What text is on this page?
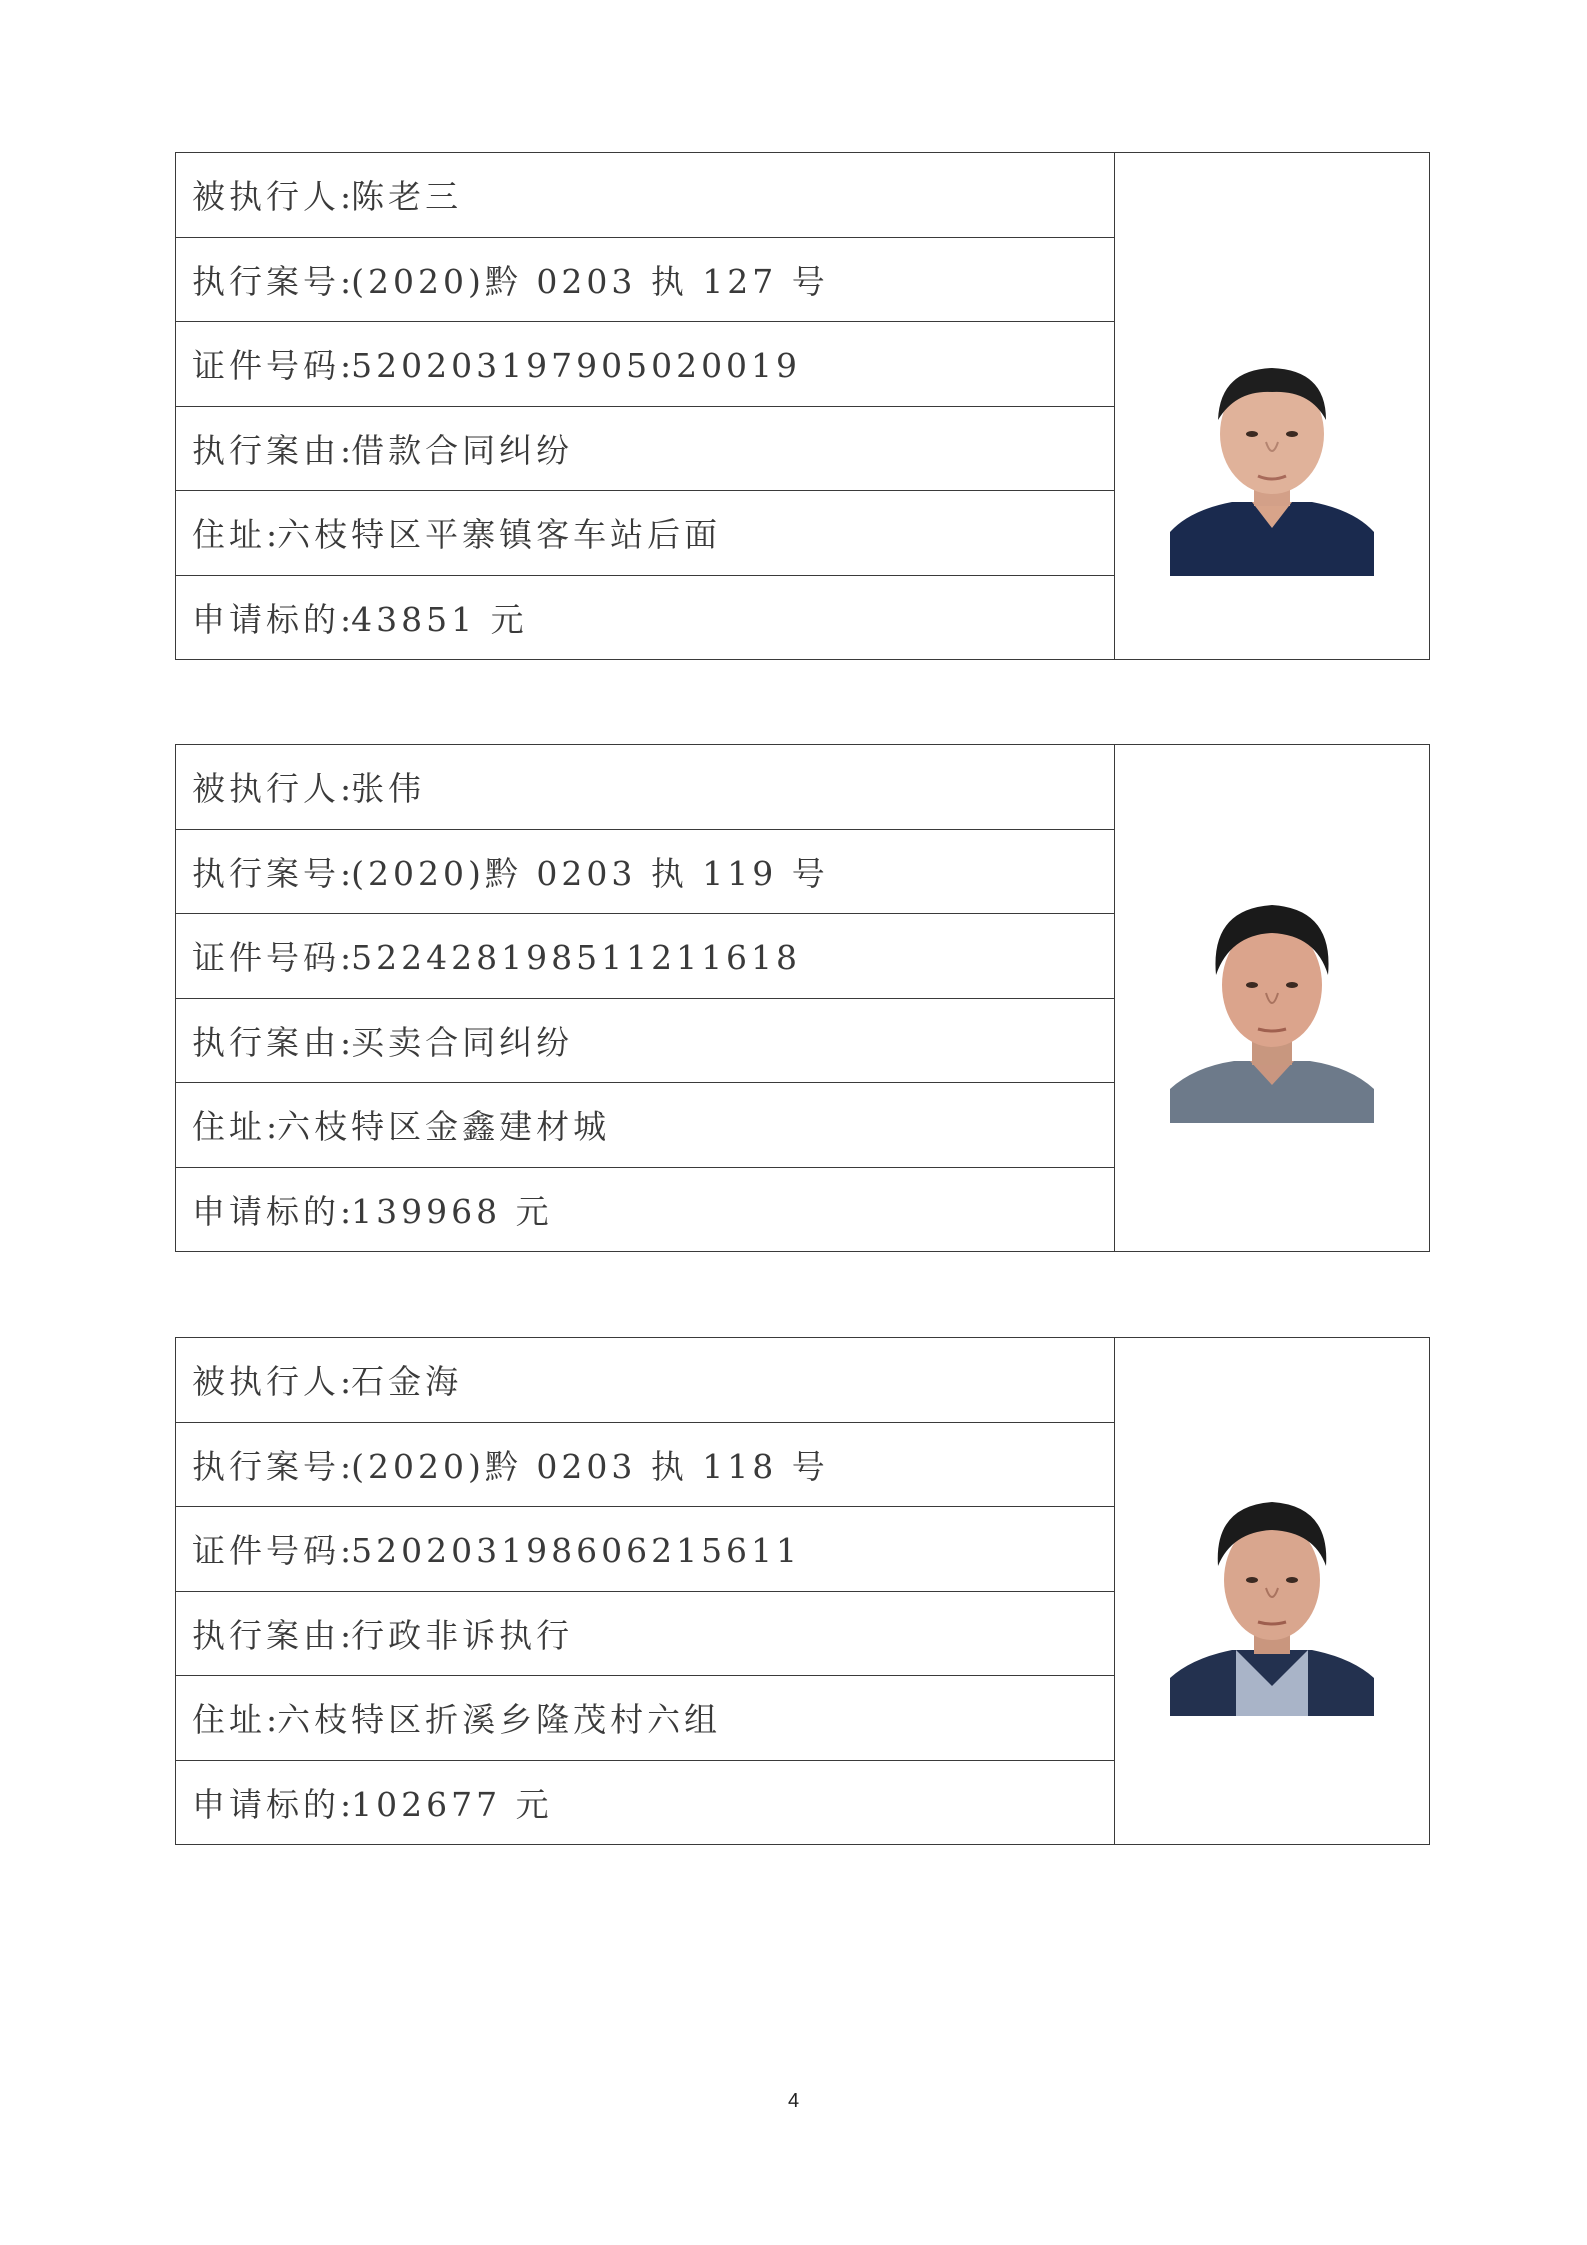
被执行人:陈老三	

执行案号:(2020)黔 0203 执 127 号
证件号码:520203197905020019
执行案由:借款合同纠纷
住址:六枝特区平寨镇客车站后面
申请标的:43851 元
被执行人:张伟	

执行案号:(2020)黔 0203 执 119 号
证件号码:522428198511211618
执行案由:买卖合同纠纷
住址:六枝特区金鑫建材城
申请标的:139968 元
被执行人:石金海	

执行案号:(2020)黔 0203 执 118 号
证件号码:520203198606215611
执行案由:行政非诉执行
住址:六枝特区折溪乡隆茂村六组
申请标的:102677 元
4
